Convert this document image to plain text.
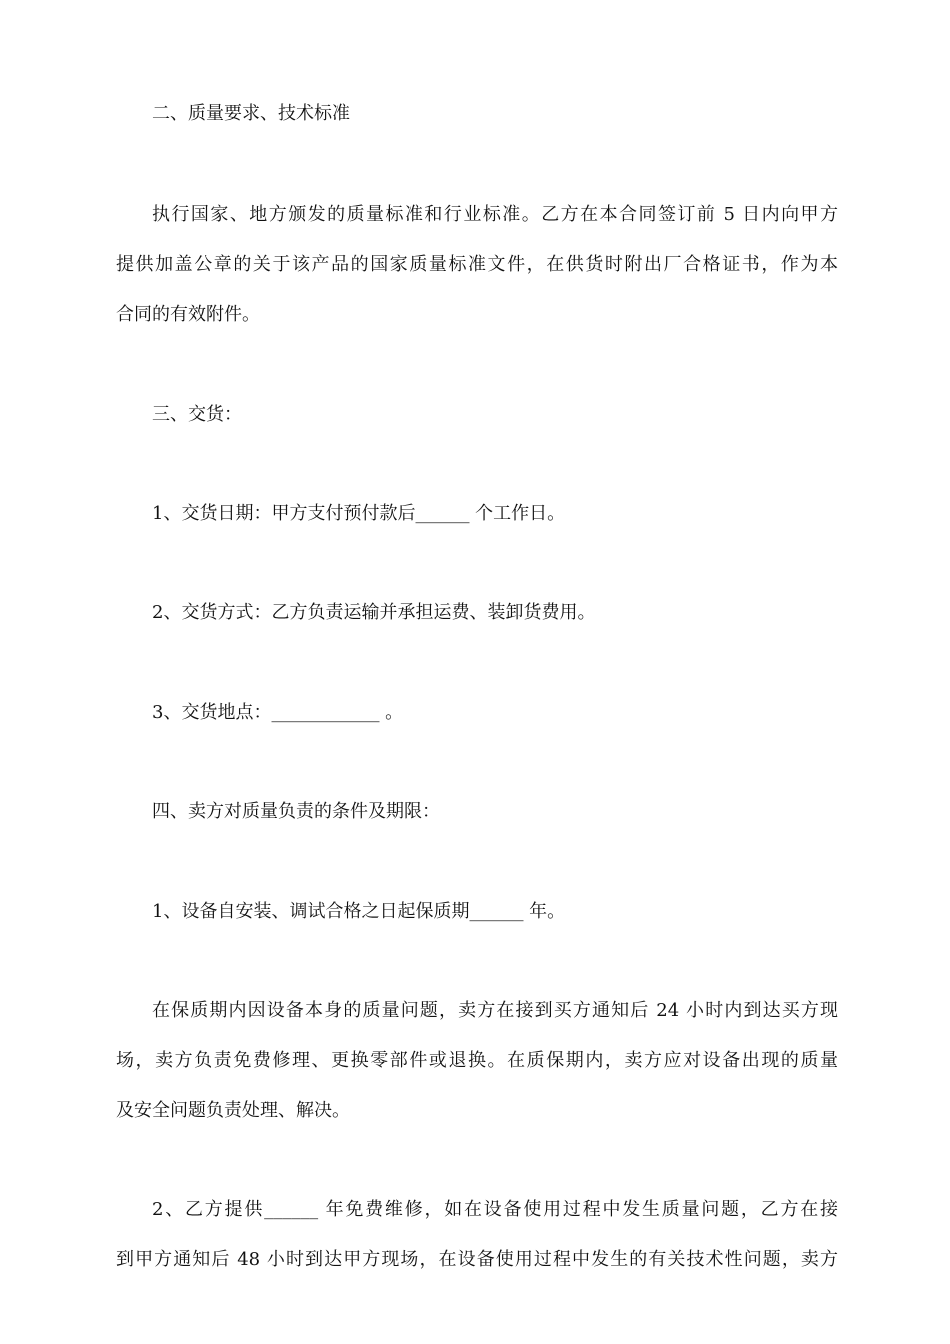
二、质量要求、技术标准

执行国家、地方颁发的质量标准和行业标准。乙方在本合同签订前 5 日内向甲方

提供加盖公章的关于该产品的国家质量标准文件，在供货时附出厂合格证书，作为本

合同的有效附件。

三、交货：

1、交货日期：甲方支付预付款后______ 个工作日。

2、交货方式：乙方负责运输并承担运费、装卸货费用。

3、交货地点：____________ 。

四、卖方对质量负责的条件及期限：

1、设备自安装、调试合格之日起保质期______ 年。

在保质期内因设备本身的质量问题，卖方在接到买方通知后 24 小时内到达买方现

场，卖方负责免费修理、更换零部件或退换。在质保期内，卖方应对设备出现的质量

及安全问题负责处理、解决。

2、乙方提供______ 年免费维修，如在设备使用过程中发生质量问题，乙方在接

到甲方通知后 48 小时到达甲方现场，在设备使用过程中发生的有关技术性问题，卖方
